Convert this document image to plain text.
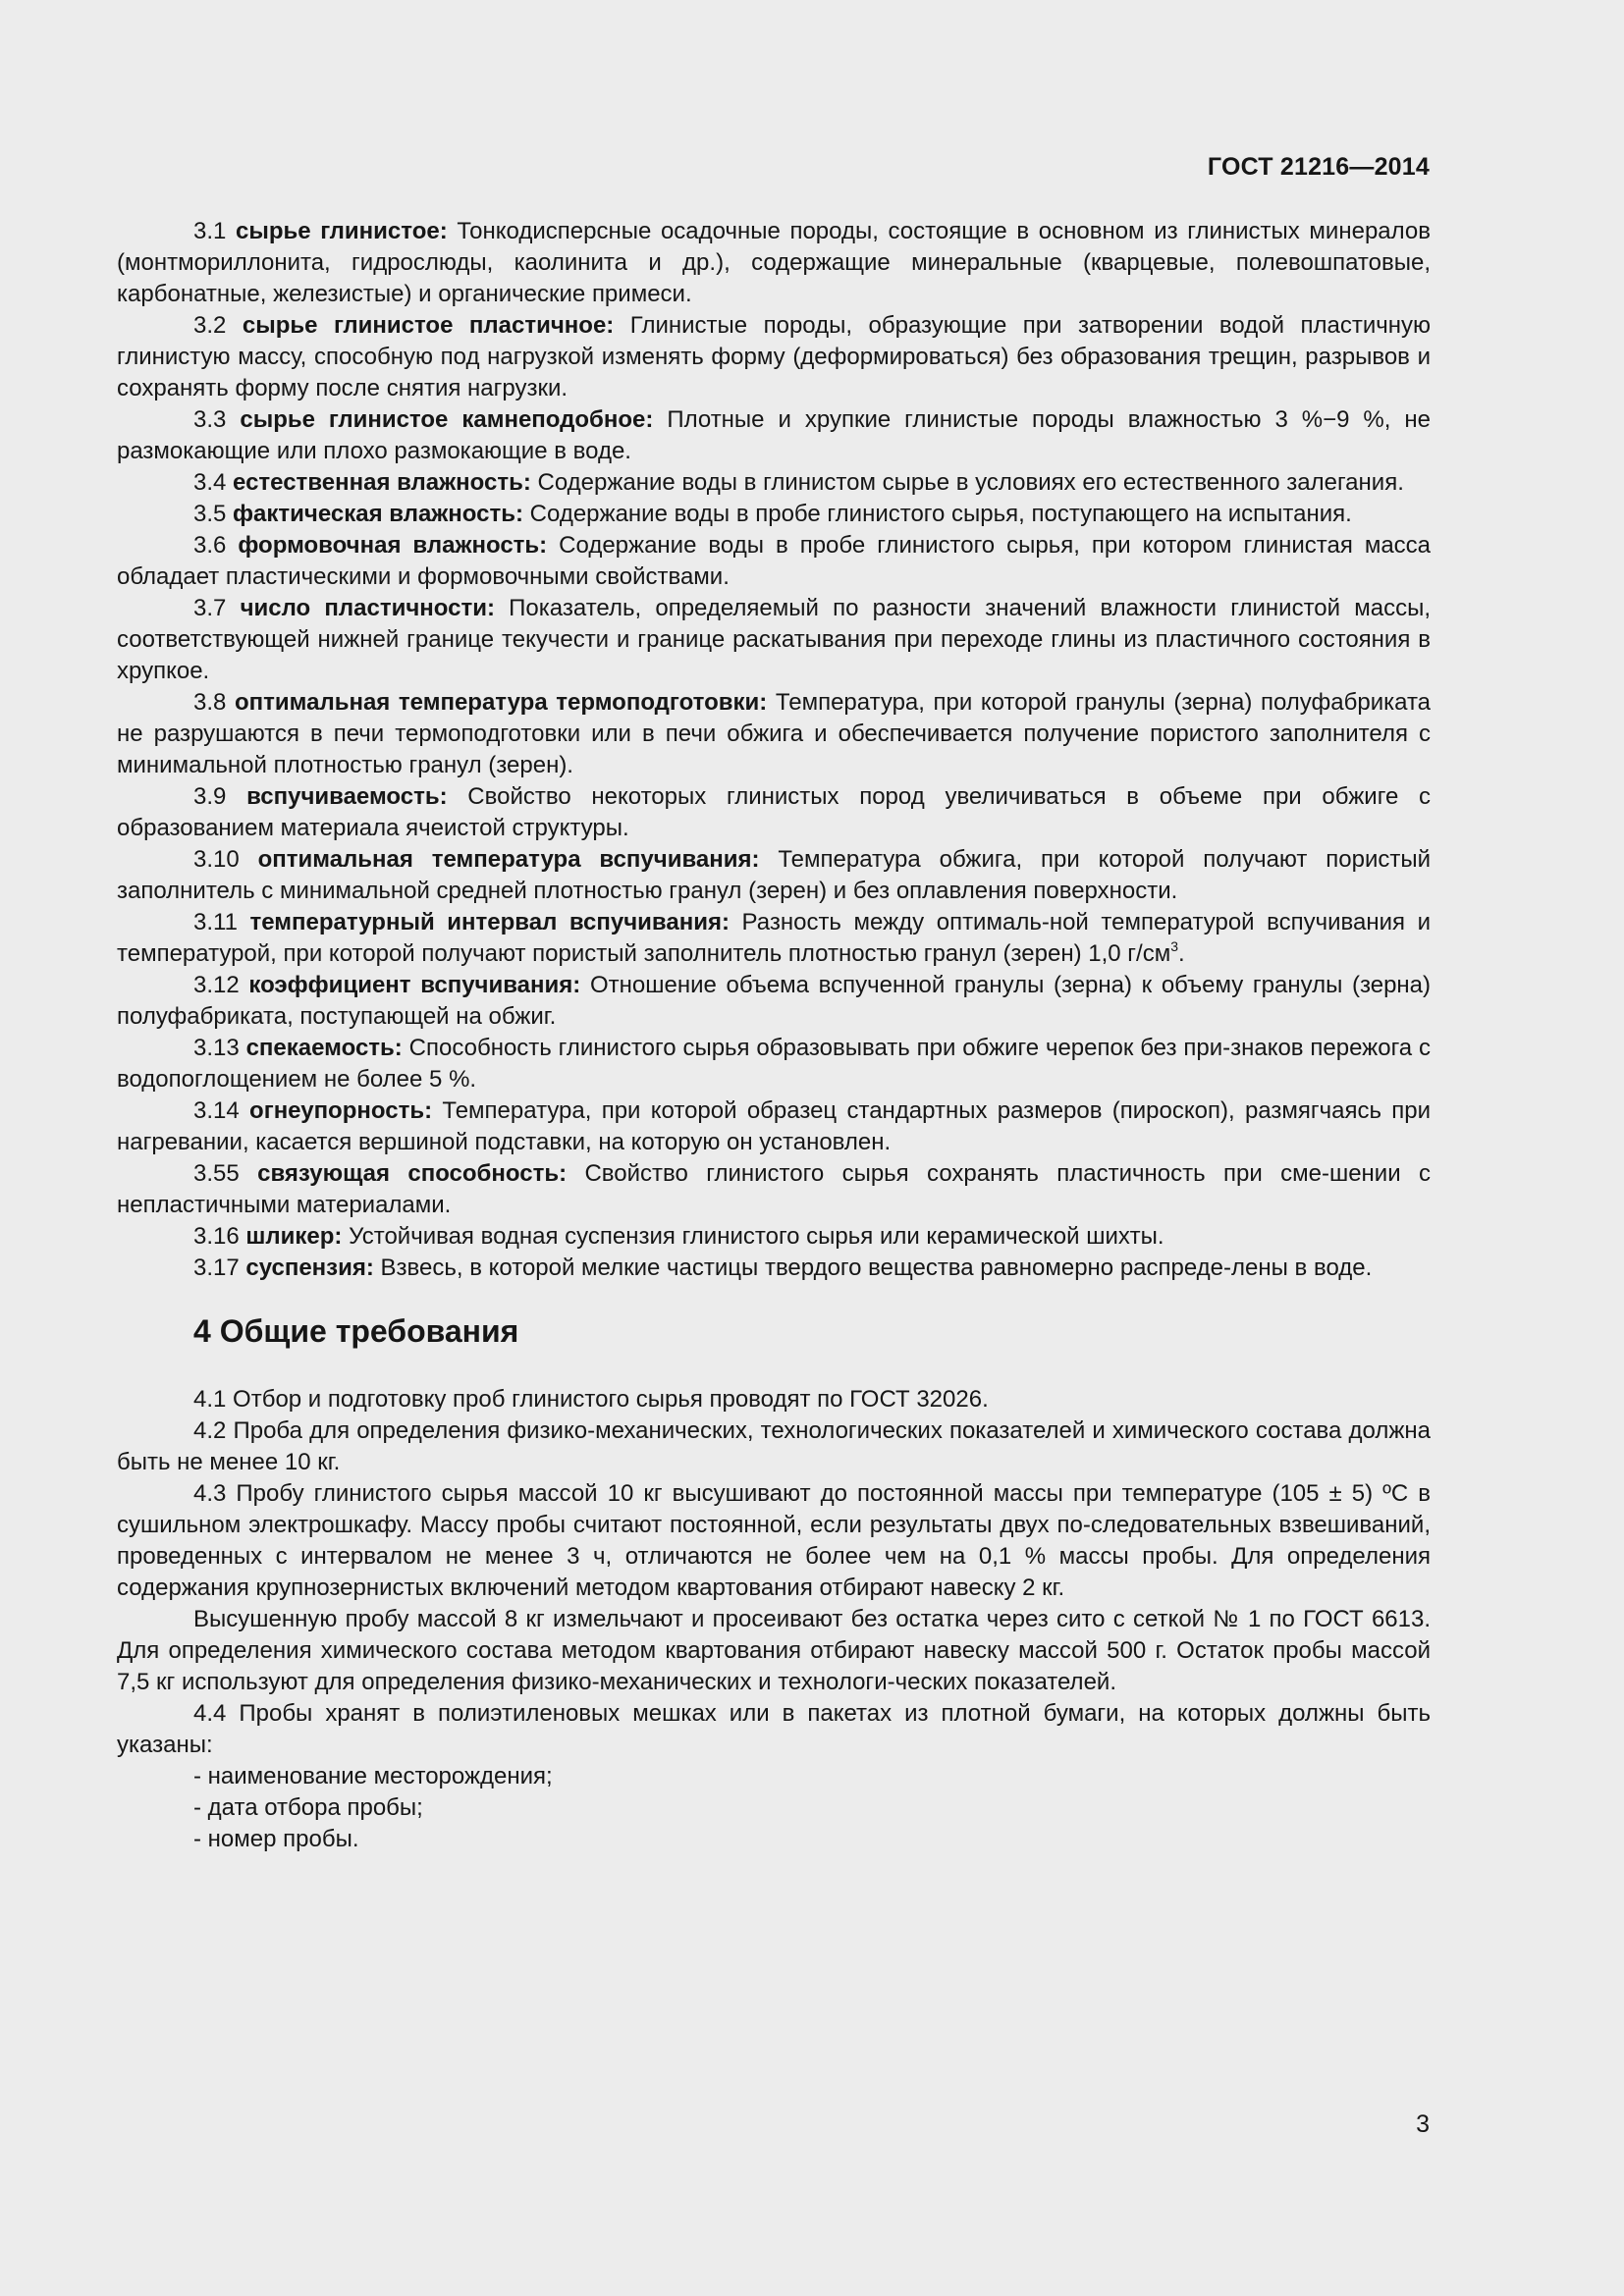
ГОСТ 21216—2014

3.1 сырье глинистое: Тонкодисперсные осадочные породы, состоящие в основном из глинистых минералов (монтмориллонита, гидрослюды, каолинита и др.), содержащие минеральные (кварцевые, полевошпатовые, карбонатные, железистые) и органические примеси.

3.2 сырье глинистое пластичное: Глинистые породы, образующие при затворении водой пластичную глинистую массу, способную под нагрузкой изменять форму (деформироваться) без образования трещин, разрывов и сохранять форму после снятия нагрузки.

3.3 сырье глинистое камнеподобное: Плотные и хрупкие глинистые породы влажностью 3 %−9 %, не размокающие или плохо размокающие в воде.

3.4 естественная влажность: Содержание воды в глинистом сырье в условиях его естественного залегания.

3.5 фактическая влажность: Содержание воды в пробе глинистого сырья, поступающего на испытания.

3.6 формовочная влажность: Содержание воды в пробе глинистого сырья, при котором глинистая масса обладает пластическими и формовочными свойствами.

3.7 число пластичности: Показатель, определяемый по разности значений влажности глинистой массы, соответствующей нижней границе текучести и границе раскатывания при переходе глины из пластичного состояния в хрупкое.

3.8 оптимальная температура термоподготовки: Температура, при которой гранулы (зерна) полуфабриката не разрушаются в печи термоподготовки или в печи обжига и обеспечивается получение пористого заполнителя с минимальной плотностью гранул (зерен).

3.9 вспучиваемость: Свойство некоторых глинистых пород увеличиваться в объеме при обжиге с образованием материала ячеистой структуры.

3.10 оптимальная температура вспучивания: Температура обжига, при которой получают пористый заполнитель с минимальной средней плотностью гранул (зерен) и без оплавления поверхности.

3.11 температурный интервал вспучивания: Разность между оптималь-ной температурой вспучивания и температурой, при которой получают пористый заполнитель плотностью гранул (зерен) 1,0 $г/см^3$.

3.12 коэффициент вспучивания: Отношение объема вспученной гранулы (зерна) к объему гранулы (зерна) полуфабриката, поступающей на обжиг.

3.13 спекаемость: Способность глинистого сырья образовывать при обжиге черепок без при-знаков пережога с водопоглощением не более 5 %.

3.14 огнеупорность: Температура, при которой образец стандартных размеров (пироскоп), размягчаясь при нагревании, касается вершиной подставки, на которую он установлен.

3.55 связующая способность: Свойство глинистого сырья сохранять пластичность при сме-шении с непластичными материалами.

3.16 шликер: Устойчивая водная суспензия глинистого сырья или керамической шихты.

3.17 суспензия: Взвесь, в которой мелкие частицы твердого вещества равномерно распреде-лены в воде.

4 Общие требования

4.1 Отбор и подготовку проб глинистого сырья проводят по ГОСТ 32026.

4.2 Проба для определения физико-механических, технологических показателей и химического состава должна быть не менее 10 кг.

4.3 Пробу глинистого сырья массой 10 кг высушивают до постоянной массы при температуре (105 ± 5) ºС в сушильном электрошкафу. Массу пробы считают постоянной, если результаты двух по-следовательных взвешиваний, проведенных с интервалом не менее 3 ч, отличаются не более чем на 0,1 % массы пробы. Для определения содержания крупнозернистых включений методом квартования отбирают навеску 2 кг.

Высушенную пробу массой 8 кг измельчают и просеивают без остатка через сито с сеткой № 1 по ГОСТ 6613. Для определения химического состава методом квартования отбирают навеску массой 500 г. Остаток пробы массой 7,5 кг используют для определения физико-механических и технологи-ческих показателей.

4.4 Пробы хранят в полиэтиленовых мешках или в пакетах из плотной бумаги, на которых должны быть указаны:

- наименование месторождения;

- дата отбора пробы;

- номер пробы.

3
